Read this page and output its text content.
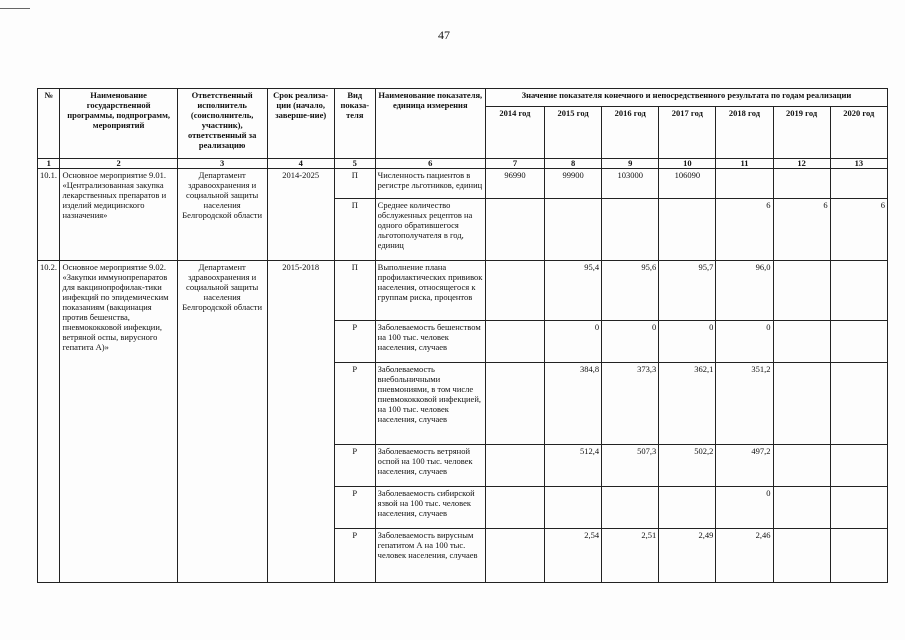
47
№	Наименование государственной программы, подпрограмм, мероприятий	Ответственный исполнитель (соисполнитель, участник), ответственный за реализацию	Срок реализа-ции (начало, заверше-ние)	Вид показа-теля	Наименование показателя, единица измерения	Значение показателя конечного и непосредственного результата по годам реализации						
						2014 год	2015 год	2016 год	2017 год	2018 год	2019 год	2020 год
1	2	3	4	5	6	7	8	9	10	11	12	13
10.1.	Основное мероприятие 9.01. «Централизованная закупка лекарственных препаратов и изделий медицинского назначения»	Департамент здравоохранения и социальной защиты населения Белгородской области	2014-2025	П	Численность пациентов в регистре льготников, единиц	96990	99900	103000	106090			
				П	Среднее количество обслуженных рецептов на одного обратившегося льготополучателя в год, единиц					6	6	6
10.2.	Основное мероприятие 9.02. «Закупки иммунопрепаратов для вакцинопрофилак-тики инфекций по эпидемическим показаниям (вакцинация против бешенства, пневмококковой инфекции, ветряной оспы, вирусного гепатита А)»	Департамент здравоохранения и социальной защиты населения Белгородской области	2015-2018	П	Выполнение плана профилактических прививок населения, относящегося к группам риска, процентов		95,4	95,6	95,7	96,0		
				Р	Заболеваемость бешенством на 100 тыс. человек населения, случаев		0	0	0	0		
				Р	Заболеваемость внебольничными пневмониями, в том числе пневмококковой инфекцией, на 100 тыс. человек населения, случаев		384,8	373,3	362,1	351,2		
				Р	Заболеваемость ветряной оспой на 100 тыс. человек населения, случаев		512,4	507,3	502,2	497,2		
				Р	Заболеваемость сибирской язвой на 100 тыс. человек населения, случаев					0		
				Р	Заболеваемость вирусным гепатитом А на 100 тыс. человек населения, случаев		2,54	2,51	2,49	2,46		
